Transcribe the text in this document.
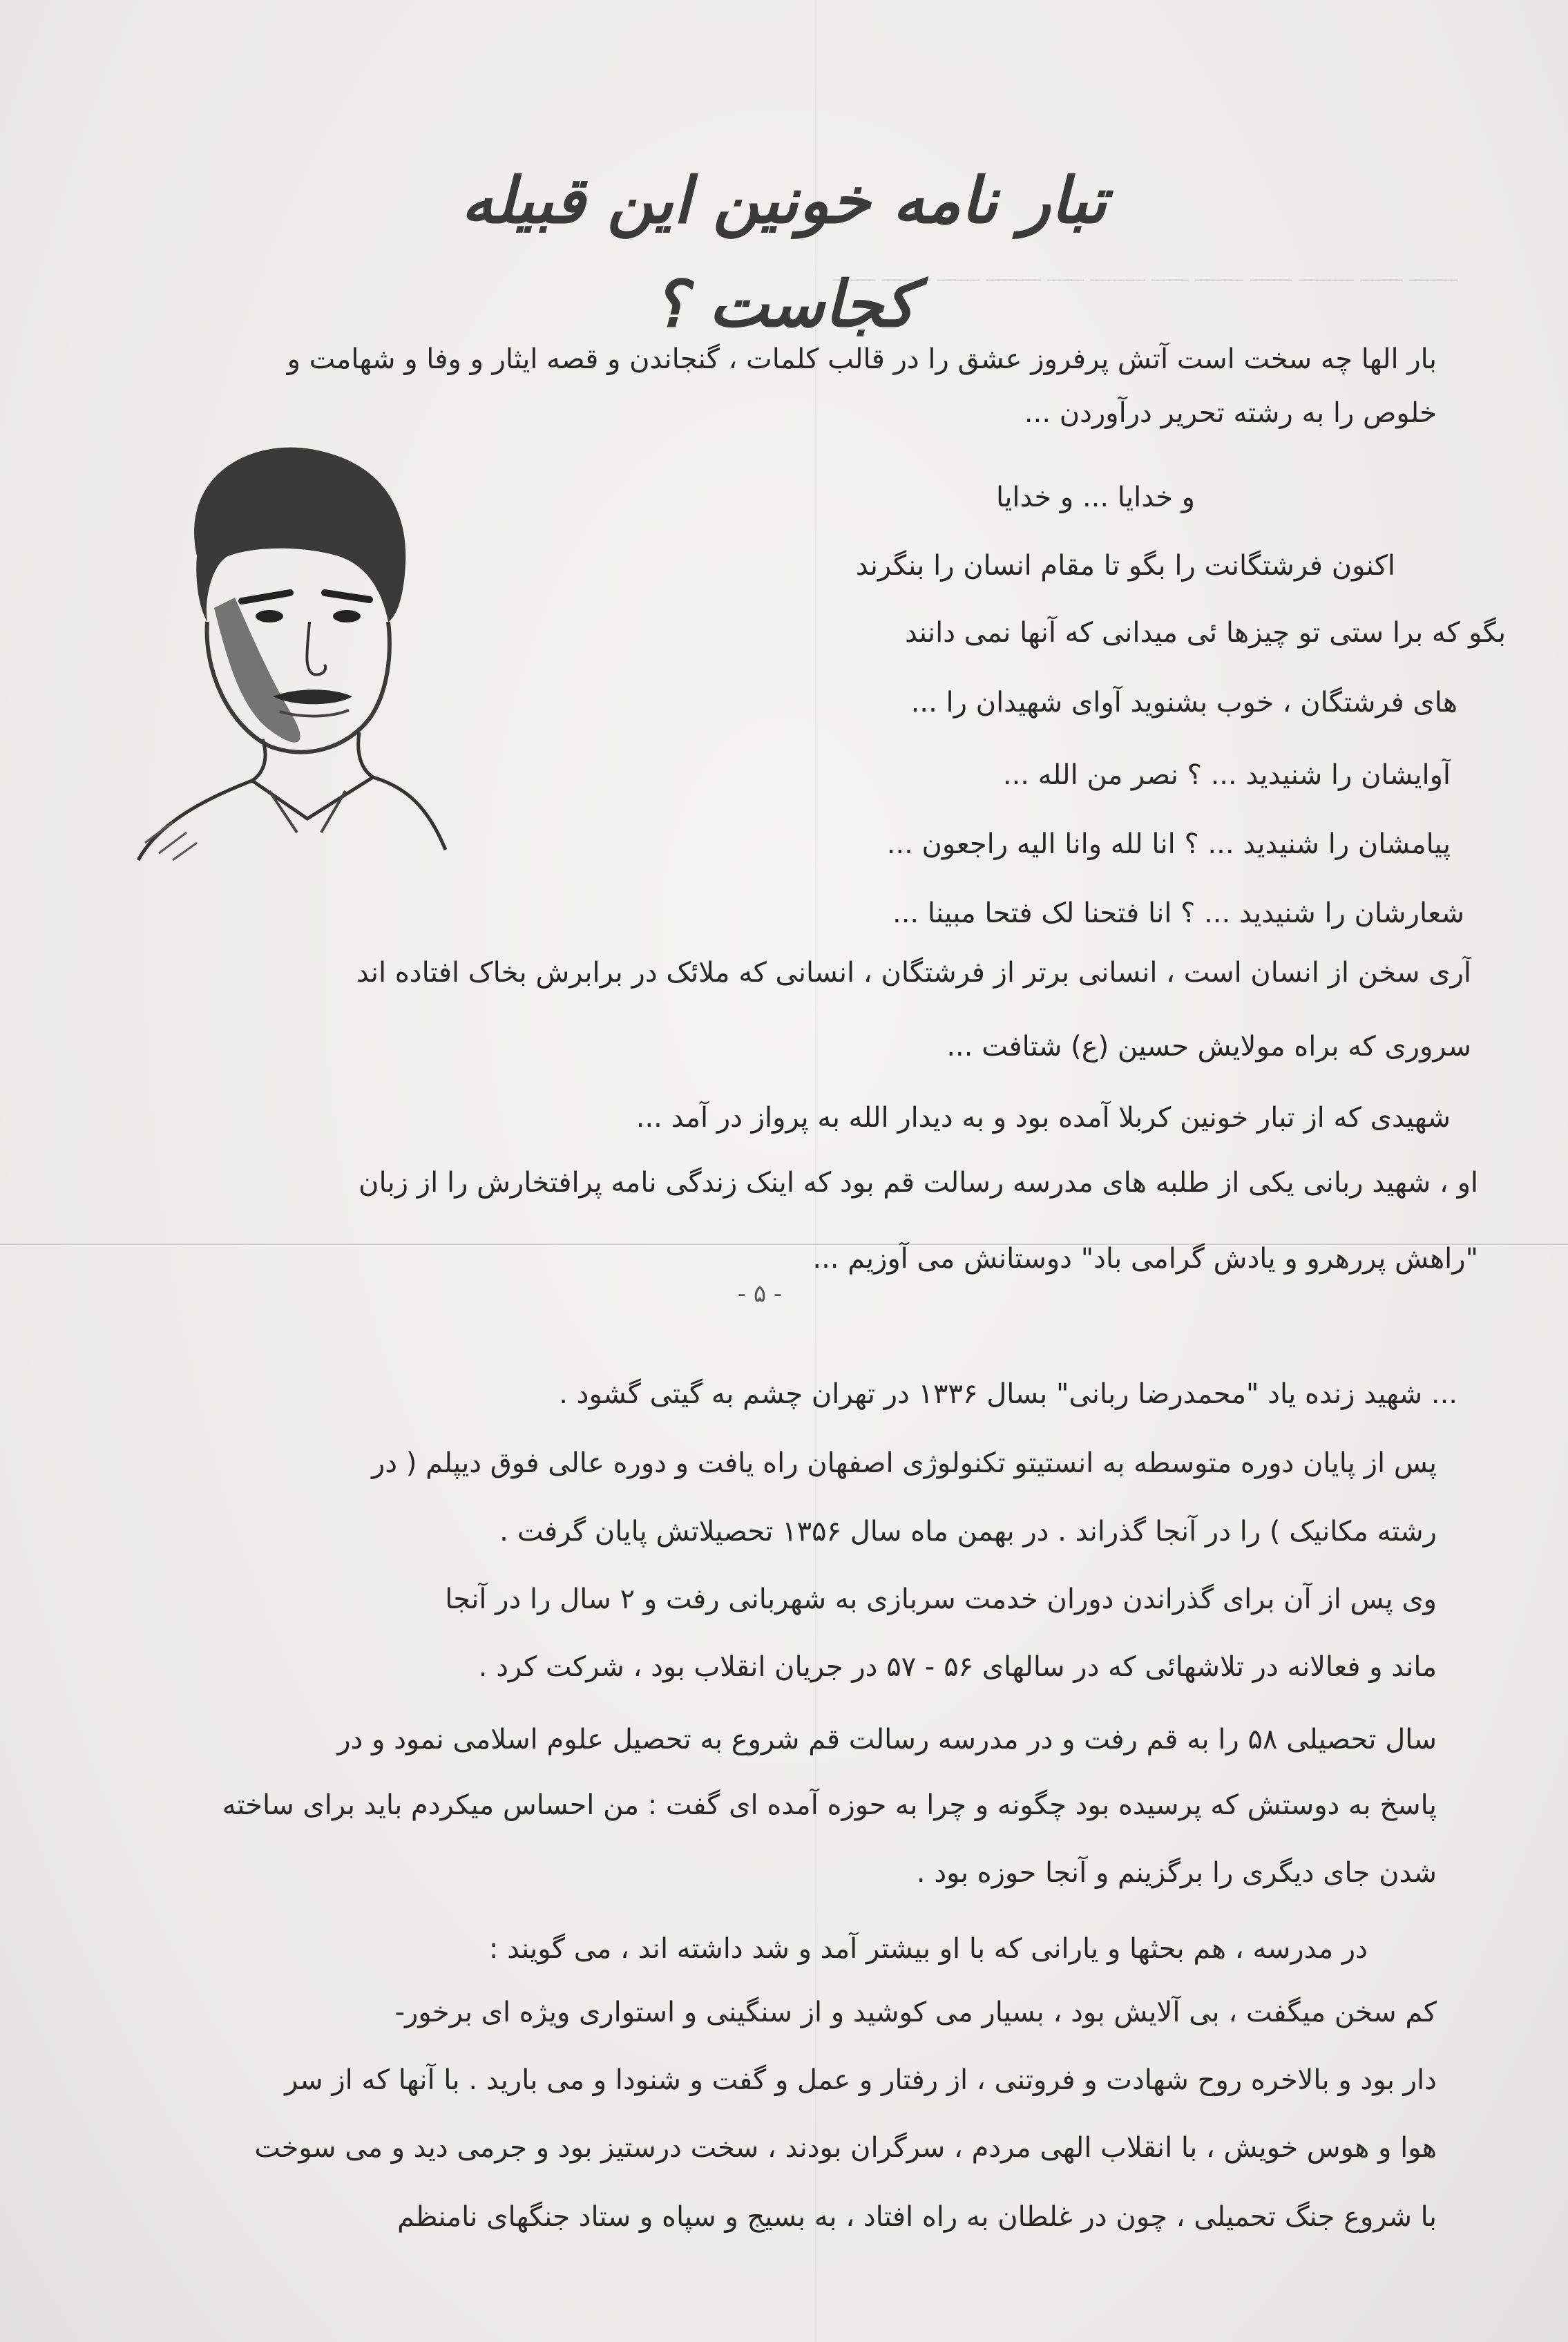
‏ ــــــــ ـــــــ ـــــــــ ـــــــ ــــــــ ــــــ ـــــــــ ــــــ ـــــــــ ـــــــ ــــــــ ـــــــ
تبار نامه خونین این قبیله کجاست ؟
بار الها چه سخت است آتش پرفروز عشق را در قالب کلمات ، گنجاندن و قصه ایثار و وفا و شهامت و
خلوص را به رشته تحریر درآوردن ...
و خدایا ... و خدایا
اکنون فرشتگانت را بگو تا مقام انسان را بنگرند
بگو که برا ستی تو چیزها ئی میدانی که آنها نمی دانند
های فرشتگان ، خوب بشنوید آوای شهیدان را ...
آوایشان را شنیدید ... ؟ نصر من الله ...
پیامشان را شنیدید ... ؟ انا لله وانا الیه راجعون ...
شعارشان را شنیدید ... ؟ انا فتحنا لک فتحا مبینا ...
آری سخن از انسان است ، انسانی برتر از فرشتگان ، انسانی که ملائک در برابرش بخاک افتاده اند
سروری که براه مولایش حسین (ع) شتافت ...
شهیدی که از تبار خونین کربلا آمده بود و به دیدار الله به پرواز در آمد ...
او ، شهید ربانی یکی از طلبه های مدرسه رسالت قم بود که اینک زندگی نامه پرافتخارش را از زبان
"راهش پررهرو و یادش گرامی باد" دوستانش می آوزیم ...
- ۵ -
... شهید زنده یاد "محمدرضا ربانی" بسال ۱۳۳۶ در تهران چشم به گیتی گشود .
پس از پایان دوره متوسطه به انستیتو تکنولوژی اصفهان راه یافت و دوره عالی فوق دیپلم ( در
رشته مکانیک ) را در آنجا گذراند . در بهمن ماه سال ۱۳۵۶ تحصیلاتش پایان گرفت .
وی پس از آن برای گذراندن دوران خدمت سربازی به شهربانی رفت و ۲ سال را در آنجا
ماند و فعالانه در تلاشهائی که در سالهای ۵۶ - ۵۷ در جریان انقلاب بود ، شرکت کرد .
سال تحصیلی ۵۸ را به قم رفت و در مدرسه رسالت قم شروع به تحصیل علوم اسلامی نمود و در
پاسخ به دوستش که پرسیده بود چگونه و چرا به حوزه آمده ای گفت : من احساس میکردم باید برای ساخته
شدن جای دیگری را برگزینم و آنجا حوزه بود .
در مدرسه ، هم بحثها و یارانی که با او بیشتر آمد و شد داشته اند ، می گویند :
کم سخن میگفت ، بی آلایش بود ، بسیار می کوشید و از سنگینی و استواری ویژه ای برخور-
دار بود و بالاخره روح شهادت و فروتنی ، از رفتار و عمل و گفت و شنودا و می بارید . با آنها که از سر
هوا و هوس خویش ، با انقلاب الهی مردم ، سرگران بودند ، سخت درستیز بود و جرمی دید و می سوخت
با شروع جنگ تحمیلی ، چون در غلطان به راه افتاد ، به بسیج و سپاه و ستاد جنگهای نامنظم
